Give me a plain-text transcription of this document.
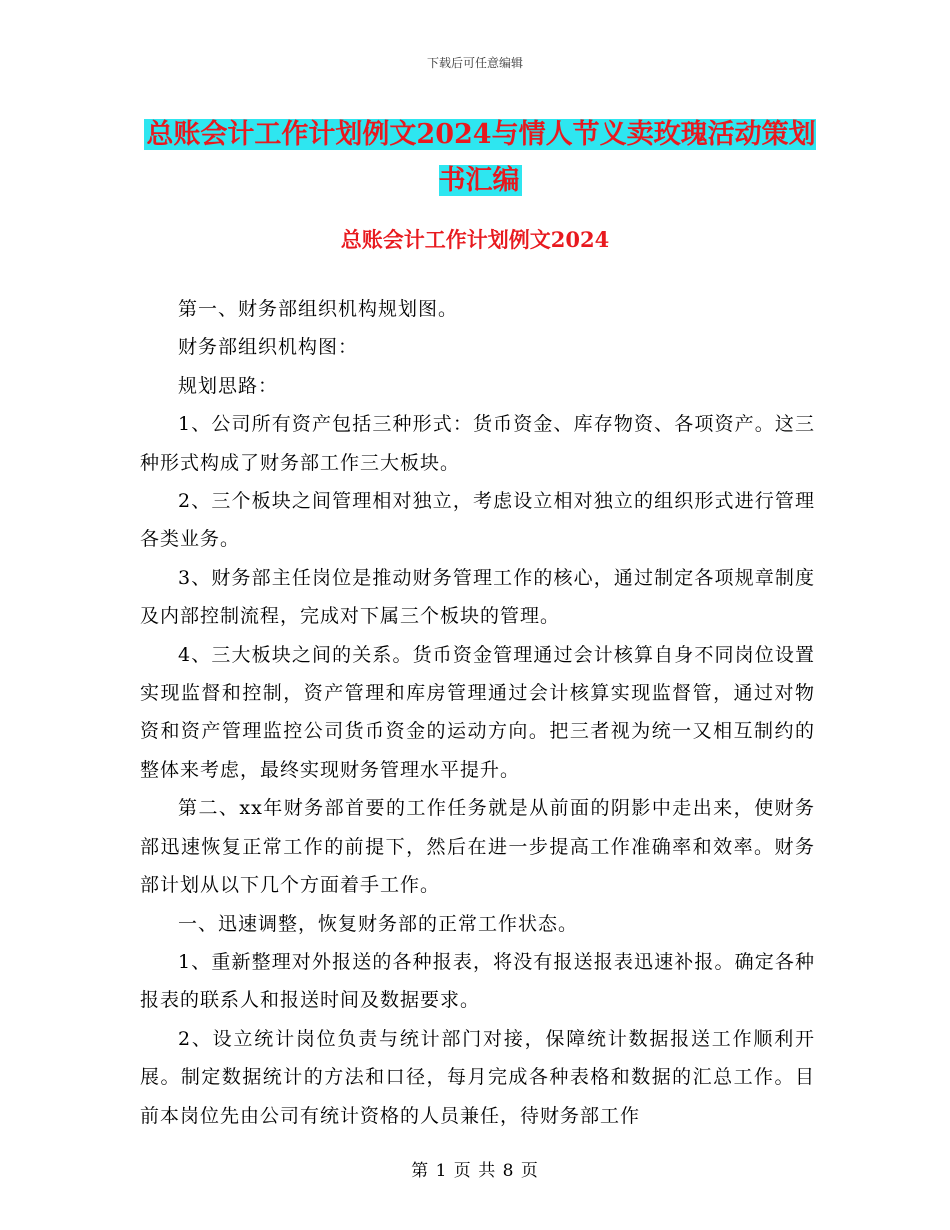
下载后可任意编辑
总账会计工作计划例文2024与情人节义卖玫瑰活动策划书汇编
总账会计工作计划例文2024

第一、财务部组织机构规划图。

财务部组织机构图：

规划思路：

1、公司所有资产包括三种形式：货币资金、库存物资、各项资产。这三种形式构成了财务部工作三大板块。

2、三个板块之间管理相对独立，考虑设立相对独立的组织形式进行管理各类业务。

3、财务部主任岗位是推动财务管理工作的核心，通过制定各项规章制度及内部控制流程，完成对下属三个板块的管理。

4、三大板块之间的关系。货币资金管理通过会计核算自身不同岗位设置实现监督和控制，资产管理和库房管理通过会计核算实现监督管，通过对物资和资产管理监控公司货币资金的运动方向。把三者视为统一又相互制约的整体来考虑，最终实现财务管理水平提升。

第二、xx年财务部首要的工作任务就是从前面的阴影中走出来，使财务部迅速恢复正常工作的前提下，然后在进一步提高工作准确率和效率。财务部计划从以下几个方面着手工作。

一、迅速调整，恢复财务部的正常工作状态。

1、重新整理对外报送的各种报表，将没有报送报表迅速补报。确定各种报表的联系人和报送时间及数据要求。

2、设立统计岗位负责与统计部门对接，保障统计数据报送工作顺利开展。制定数据统计的方法和口径，每月完成各种表格和数据的汇总工作。目前本岗位先由公司有统计资格的人员兼任，待财务部工作

第 1 页 共 8 页
